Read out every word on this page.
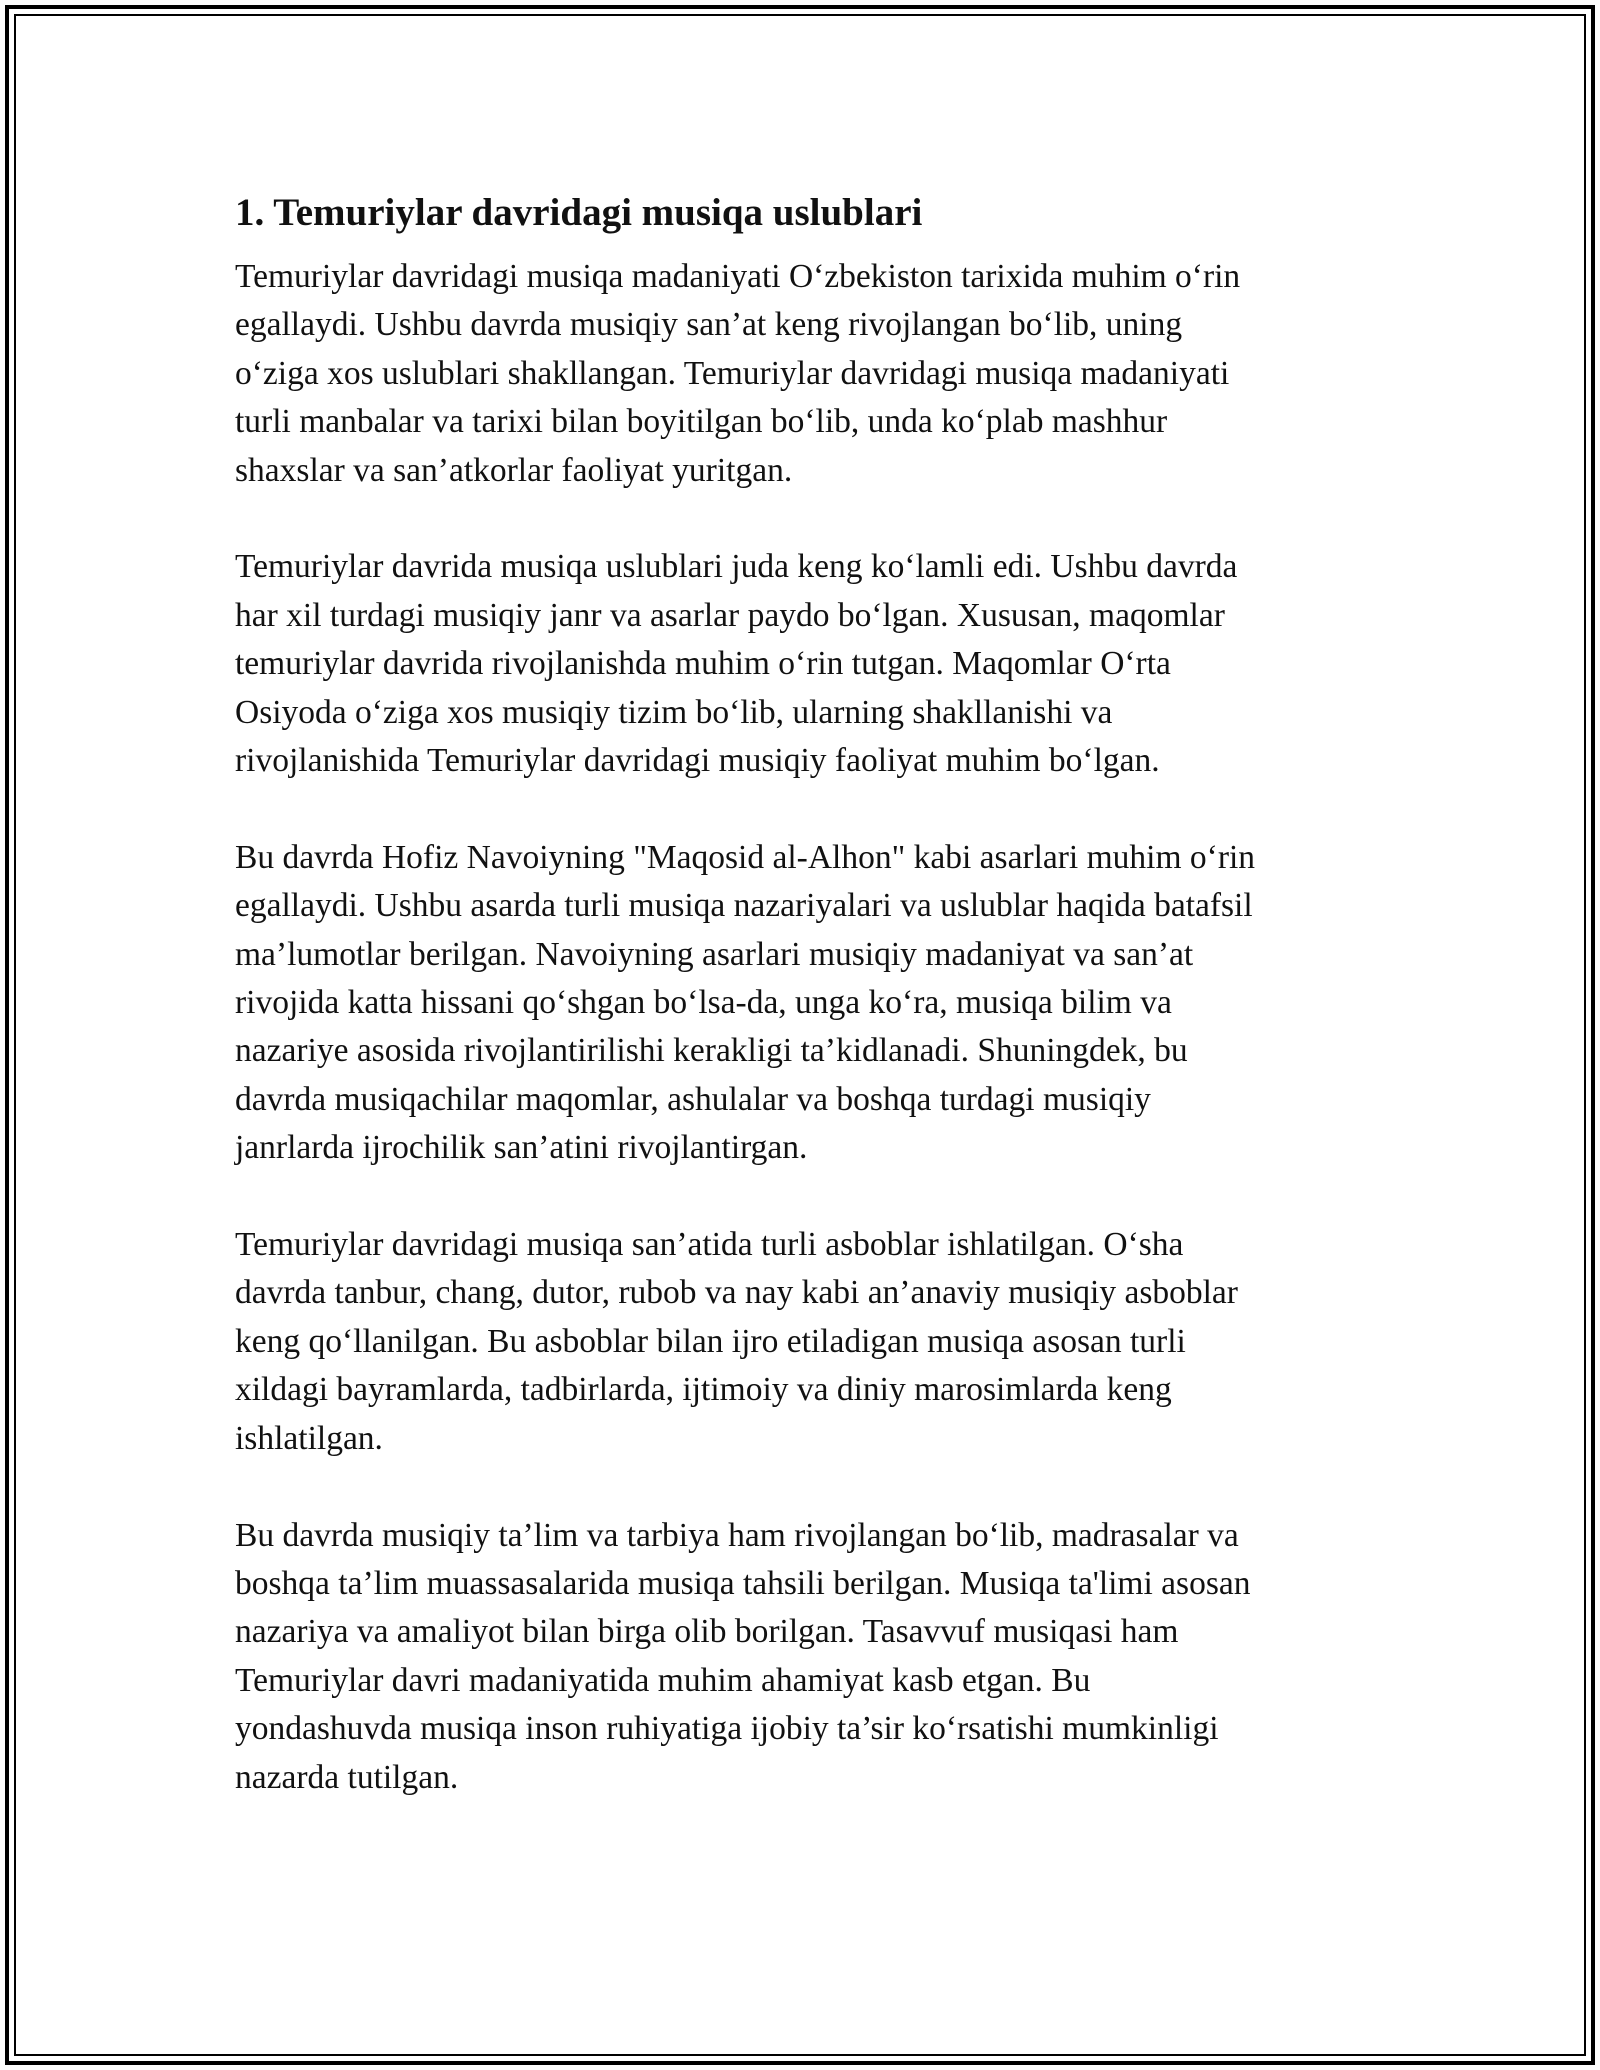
1. Temuriylar davridagi musiqa uslublari
Temuriylar davridagi musiqa madaniyati Oʻzbekiston tarixida muhim oʻrin
egallaydi. Ushbu davrda musiqiy san’at keng rivojlangan boʻlib, uning
oʻziga xos uslublari shakllangan. Temuriylar davridagi musiqa madaniyati
turli manbalar va tarixi bilan boyitilgan boʻlib, unda koʻplab mashhur
shaxslar va san’atkorlar faoliyat yuritgan.
Temuriylar davrida musiqa uslublari juda keng koʻlamli edi. Ushbu davrda
har xil turdagi musiqiy janr va asarlar paydo boʻlgan. Xususan, maqomlar
temuriylar davrida rivojlanishda muhim oʻrin tutgan. Maqomlar Oʻrta
Osiyoda oʻziga xos musiqiy tizim boʻlib, ularning shakllanishi va
rivojlanishida Temuriylar davridagi musiqiy faoliyat muhim boʻlgan.
Bu davrda Hofiz Navoiyning "Maqosid al-Alhon" kabi asarlari muhim oʻrin
egallaydi. Ushbu asarda turli musiqa nazariyalari va uslublar haqida batafsil
ma’lumotlar berilgan. Navoiyning asarlari musiqiy madaniyat va san’at
rivojida katta hissani qoʻshgan boʻlsa-da, unga koʻra, musiqa bilim va
nazariye asosida rivojlantirilishi kerakligi ta’kidlanadi. Shuningdek, bu
davrda musiqachilar maqomlar, ashulalar va boshqa turdagi musiqiy
janrlarda ijrochilik san’atini rivojlantirgan.
Temuriylar davridagi musiqa san’atida turli asboblar ishlatilgan. Oʻsha
davrda tanbur, chang, dutor, rubob va nay kabi an’anaviy musiqiy asboblar
keng qoʻllanilgan. Bu asboblar bilan ijro etiladigan musiqa asosan turli
xildagi bayramlarda, tadbirlarda, ijtimoiy va diniy marosimlarda keng
ishlatilgan.
Bu davrda musiqiy ta’lim va tarbiya ham rivojlangan boʻlib, madrasalar va
boshqa ta’lim muassasalarida musiqa tahsili berilgan. Musiqa ta'limi asosan
nazariya va amaliyot bilan birga olib borilgan. Tasavvuf musiqasi ham
Temuriylar davri madaniyatida muhim ahamiyat kasb etgan. Bu
yondashuvda musiqa inson ruhiyatiga ijobiy ta’sir koʻrsatishi mumkinligi
nazarda tutilgan.
